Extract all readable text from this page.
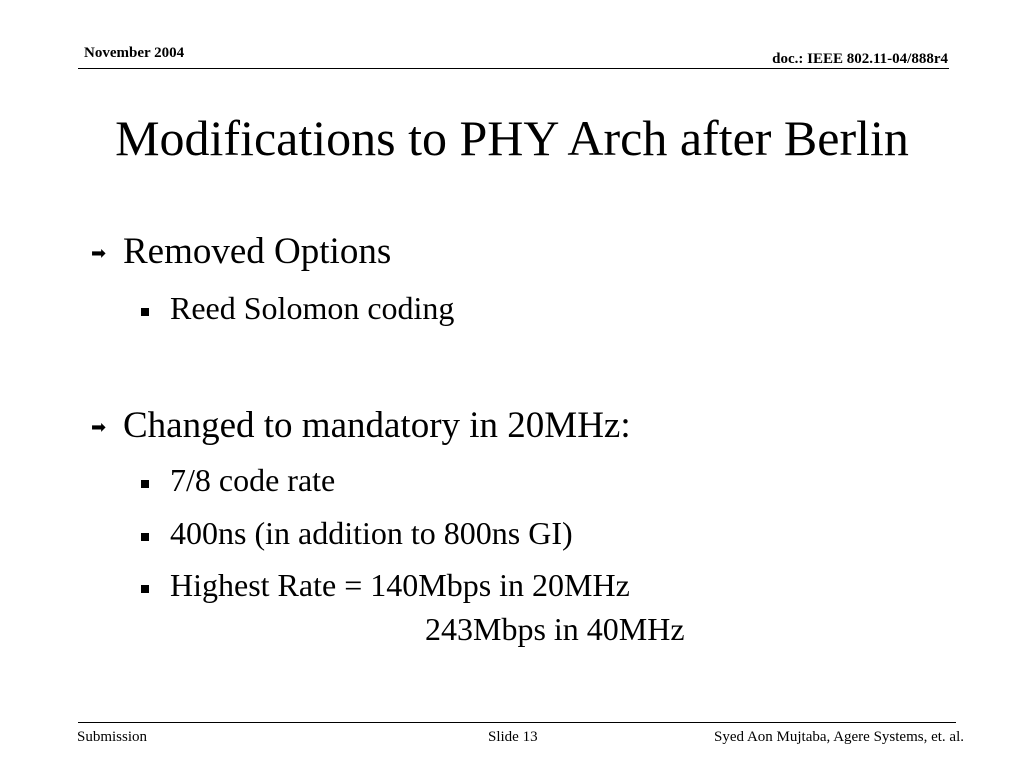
November 2004	doc.: IEEE 802.11-04/888r4
Modifications to PHY Arch after Berlin
➡ Removed Options
Reed Solomon coding
➡ Changed to mandatory in 20MHz:
7/8 code rate
400ns (in addition to 800ns GI)
Highest Rate = 140Mbps in 20MHz
243Mbps in 40MHz
Submission	Slide 13	Syed Aon Mujtaba, Agere Systems, et. al.
